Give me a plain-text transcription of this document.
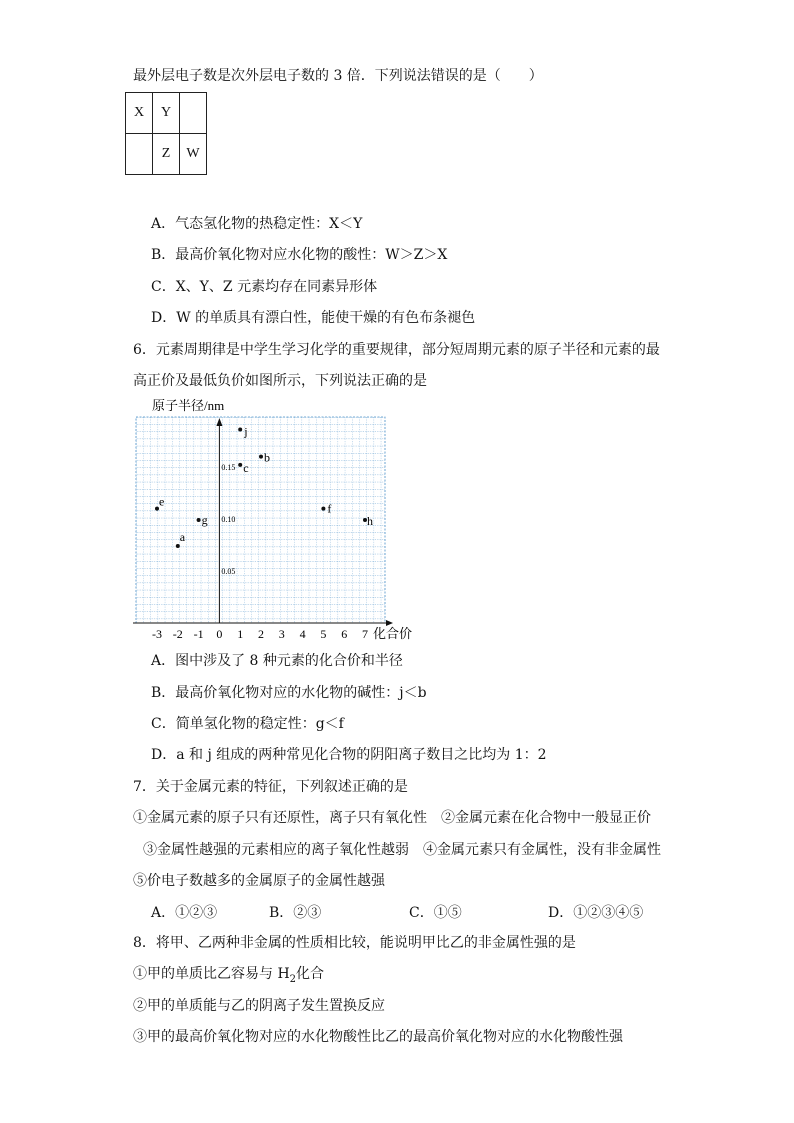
最外层电子数是次外层电子数的 3 倍．下列说法错误的是（　　）
X	Y	
	Z	W
A．气态氢化物的热稳定性：X＜Y
B．最高价氧化物对应水化物的酸性：W＞Z＞X
C．X、Y、Z 元素均存在同素异形体
D．W 的单质具有漂白性，能使干燥的有色布条褪色
6．元素周期律是中学生学习化学的重要规律，部分短周期元素的原子半径和元素的最
高正价及最低负价如图所示，下列说法正确的是
-3 -2 -1 0 1 2 3 4 5 6 7
0.05
0.10
0.15
j
b
c
e
g
a
f
h
原子半径/nm
化合价
A．图中涉及了 8 种元素的化合价和半径
B．最高价氧化物对应的水化物的碱性：j＜b
C．简单氢化物的稳定性：g＜f
D．a 和 j 组成的两种常见化合物的阴阳离子数目之比均为 1：2
7．关于金属元素的特征，下列叙述正确的是
①金属元素的原子只有还原性，离子只有氧化性　②金属元素在化合物中一般显正价
③金属性越强的元素相应的离子氧化性越弱　④金属元素只有金属性，没有非金属性
⑤价电子数越多的金属原子的金属性越强
A．①②③	B．②③	C．①⑤	D．①②③④⑤
8．将甲、乙两种非金属的性质相比较，能说明甲比乙的非金属性强的是
①甲的单质比乙容易与 $H_2$化合
②甲的单质能与乙的阴离子发生置换反应
③甲的最高价氧化物对应的水化物酸性比乙的最高价氧化物对应的水化物酸性强
